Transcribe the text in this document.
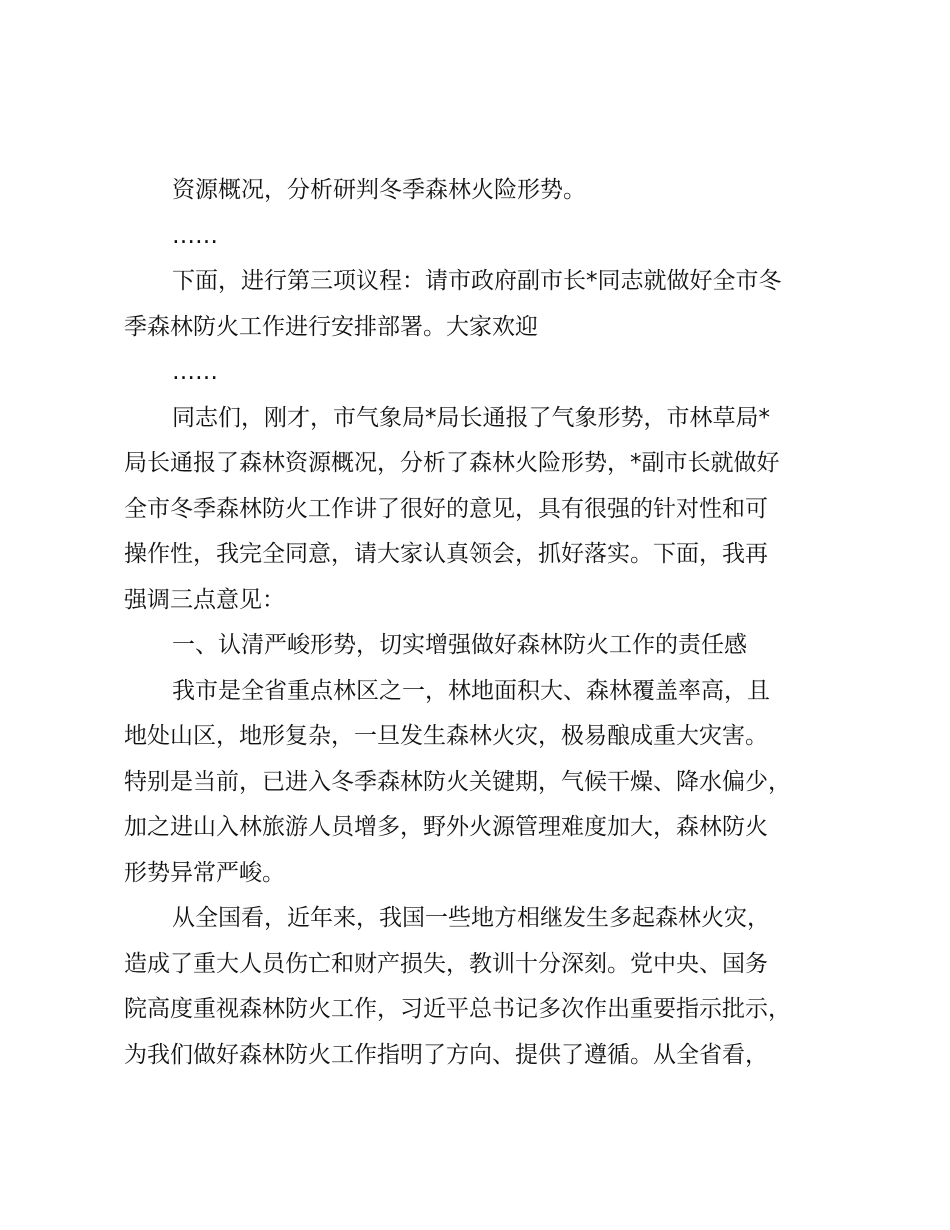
资源概况，分析研判冬季森林火险形势。
……
下面，进行第三项议程：请市政府副市长*同志就做好全市冬
季森林防火工作进行安排部署。大家欢迎
……
同志们，刚才，市气象局*局长通报了气象形势，市林草局*
局长通报了森林资源概况，分析了森林火险形势，*副市长就做好
全市冬季森林防火工作讲了很好的意见，具有很强的针对性和可
操作性，我完全同意，请大家认真领会，抓好落实。下面，我再
强调三点意见：
一、认清严峻形势，切实增强做好森林防火工作的责任感
我市是全省重点林区之一，林地面积大、森林覆盖率高，且
地处山区，地形复杂，一旦发生森林火灾，极易酿成重大灾害。
特别是当前，已进入冬季森林防火关键期，气候干燥、降水偏少，
加之进山入林旅游人员增多，野外火源管理难度加大，森林防火
形势异常严峻。
从全国看，近年来，我国一些地方相继发生多起森林火灾，
造成了重大人员伤亡和财产损失，教训十分深刻。党中央、国务
院高度重视森林防火工作，习近平总书记多次作出重要指示批示，
为我们做好森林防火工作指明了方向、提供了遵循。从全省看，
